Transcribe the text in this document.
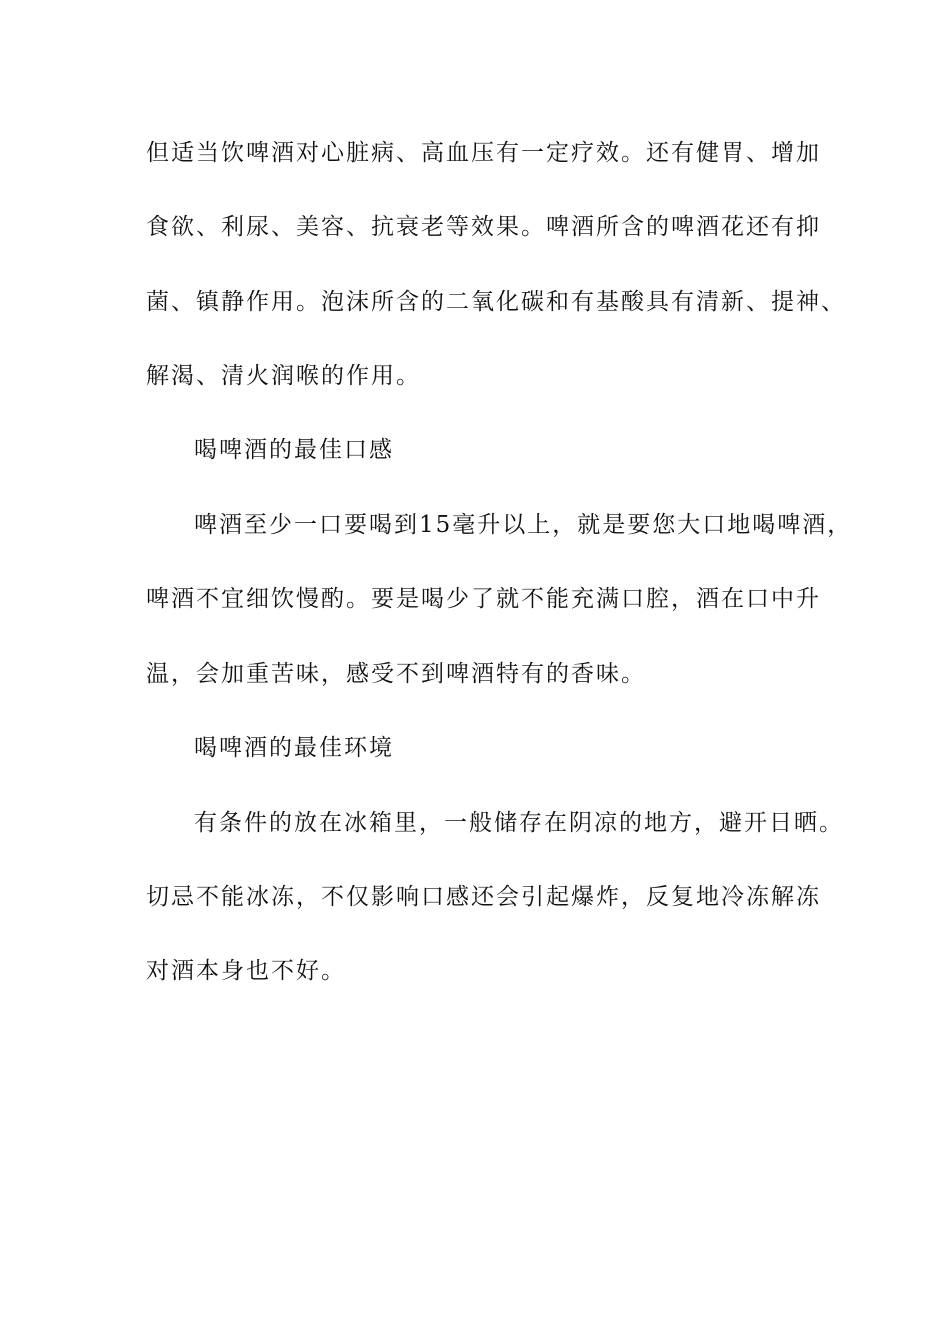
但适当饮啤酒对心脏病、高血压有一定疗效。还有健胃、增加
食欲、利尿、美容、抗衰老等效果。啤酒所含的啤酒花还有抑
菌、镇静作用。泡沫所含的二氧化碳和有基酸具有清新、提神、
解渴、清火润喉的作用。
喝啤酒的最佳口感
啤酒至少一口要喝到15毫升以上，就是要您大口地喝啤酒，
啤酒不宜细饮慢酌。要是喝少了就不能充满口腔，酒在口中升
温，会加重苦味，感受不到啤酒特有的香味。
喝啤酒的最佳环境
有条件的放在冰箱里，一般储存在阴凉的地方，避开日晒。
切忌不能冰冻，不仅影响口感还会引起爆炸，反复地冷冻解冻
对酒本身也不好。
